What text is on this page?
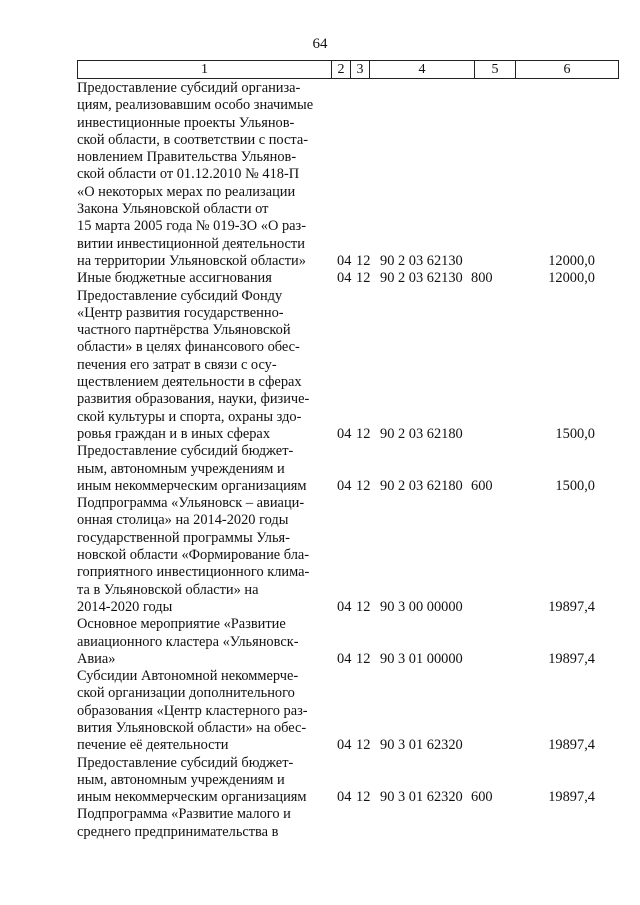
64
1	2	3	4	5	6
Предоставление субсидий организа-
циям, реализовавшим особо значимые
инвестиционные проекты Ульянов-
ской области, в соответствии с поста-
новлением Правительства Ульянов-
ской области от 01.12.2010 № 418-П
«О некоторых мерах по реализации
Закона Ульяновской области от
15 марта 2005 года № 019-ЗО «О раз-
витии инвестиционной деятельности
на территории Ульяновской области»	04 12 90 2 03 62130	12000,0
Иные бюджетные ассигнования	04 12 90 2 03 62130 800	12000,0
Предоставление субсидий Фонду
«Центр развития государственно-
частного партнёрства Ульяновской
области» в целях финансового обес-
печения его затрат в связи с осу-
ществлением деятельности в сферах
развития образования, науки, физиче-
ской культуры и спорта, охраны здо-
ровья граждан и в иных сферах	04 12 90 2 03 62180	1500,0
Предоставление субсидий бюджет-
ным, автономным учреждениям и
иным некоммерческим организациям	04 12 90 2 03 62180 600	1500,0
Подпрограмма «Ульяновск – авиаци-
онная столица» на 2014-2020 годы
государственной программы Улья-
новской области «Формирование бла-
гоприятного инвестиционного клима-
та в Ульяновской области» на
2014-2020 годы	04 12 90 3 00 00000	19897,4
Основное мероприятие «Развитие
авиационного кластера «Ульяновск-
Авиа»	04 12 90 3 01 00000	19897,4
Субсидии Автономной некоммерче-
ской организации дополнительного
образования «Центр кластерного раз-
вития Ульяновской области» на обес-
печение её деятельности	04 12 90 3 01 62320	19897,4
Предоставление субсидий бюджет-
ным, автономным учреждениям и
иным некоммерческим организациям	04 12 90 3 01 62320 600	19897,4
Подпрограмма «Развитие малого и
среднего предпринимательства в
